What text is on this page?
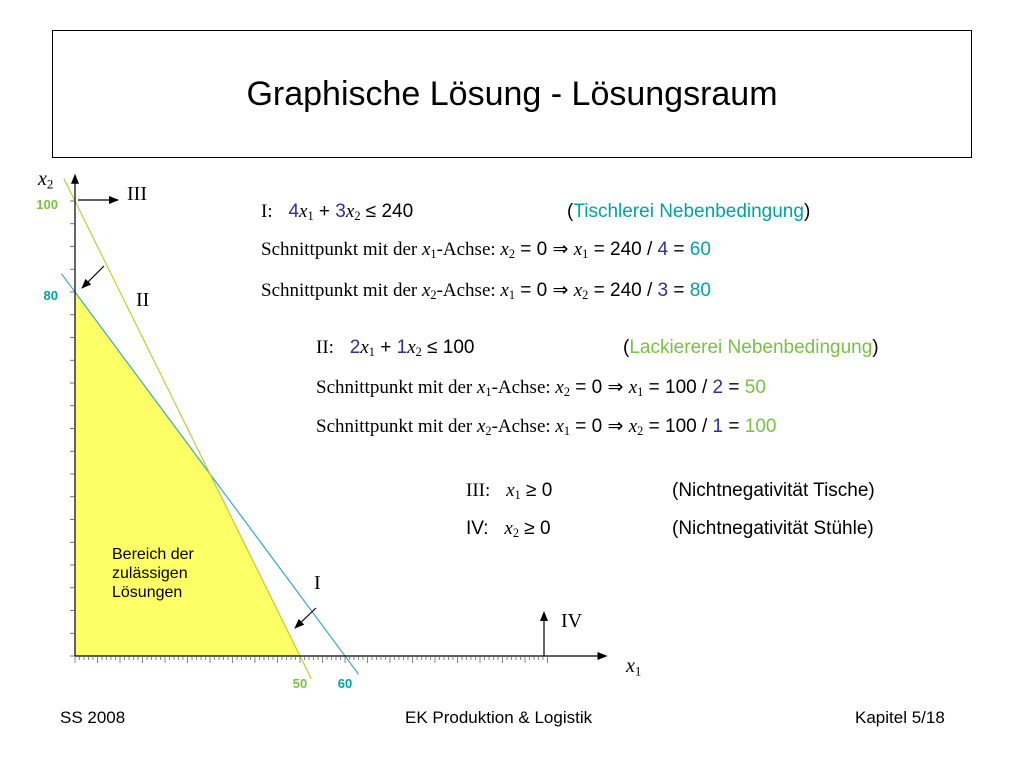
Graphische Lösung - Lösungsraum
50 60
80
100
$x_2$
$x_1$
III
II
I
IV
Bereich der
zulässigen
Lösungen
I: $4x_1 + 3x_2 \le 240$	(Tischlerei Nebenbedingung)
Schnittpunkt mit der $x_1$-Achse: $x_2 = 0$ ⇒ $x_1 = 240 / 4 = 60$
Schnittpunkt mit der $x_2$-Achse: $x_1 = 0$ ⇒ $x_2 = 240 / 3 = 80$
II: $2x_1 + 1x_2 \le 100$	(Lackiererei Nebenbedingung)
Schnittpunkt mit der $x_1$-Achse: $x_2 = 0$ ⇒ $x_1 = 100 / 2 = 50$
Schnittpunkt mit der $x_2$-Achse: $x_1 = 0$ ⇒ $x_2 = 100 / 1 = 100$
III: $x_1 \ge 0$	(Nichtnegativität Tische)
IV: $x_2 \ge 0$	(Nichtnegativität Stühle)
SS 2008	EK Produktion & Logistik	Kapitel 5/18
